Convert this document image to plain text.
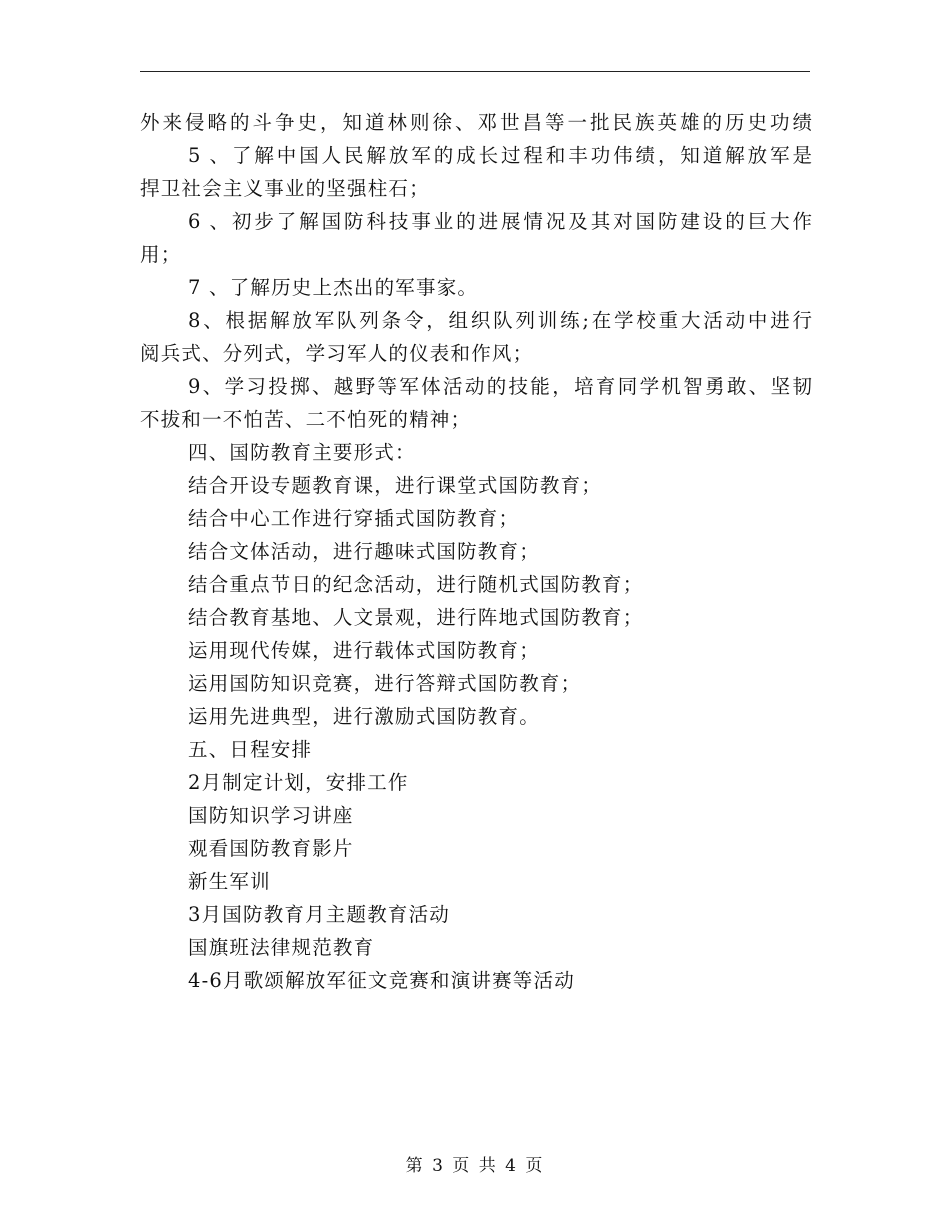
外来侵略的斗争史，知道林则徐、邓世昌等一批民族英雄的历史功绩
5 、了解中国人民解放军的成长过程和丰功伟绩，知道解放军是
捍卫社会主义事业的坚强柱石；
6 、初步了解国防科技事业的进展情况及其对国防建设的巨大作
用；
7 、了解历史上杰出的军事家。
8、根据解放军队列条令，组织队列训练;在学校重大活动中进行
阅兵式、分列式，学习军人的仪表和作风；
9、学习投掷、越野等军体活动的技能，培育同学机智勇敢、坚韧
不拔和一不怕苦、二不怕死的精神；
四、国防教育主要形式：
结合开设专题教育课，进行课堂式国防教育；
结合中心工作进行穿插式国防教育；
结合文体活动，进行趣味式国防教育；
结合重点节日的纪念活动，进行随机式国防教育；
结合教育基地、人文景观，进行阵地式国防教育；
运用现代传媒，进行载体式国防教育；
运用国防知识竞赛，进行答辩式国防教育；
运用先进典型，进行激励式国防教育。
五、日程安排
2月制定计划，安排工作
国防知识学习讲座
观看国防教育影片
新生军训
3月国防教育月主题教育活动
国旗班法律规范教育
4-6月歌颂解放军征文竞赛和演讲赛等活动
第 3 页 共 4 页
